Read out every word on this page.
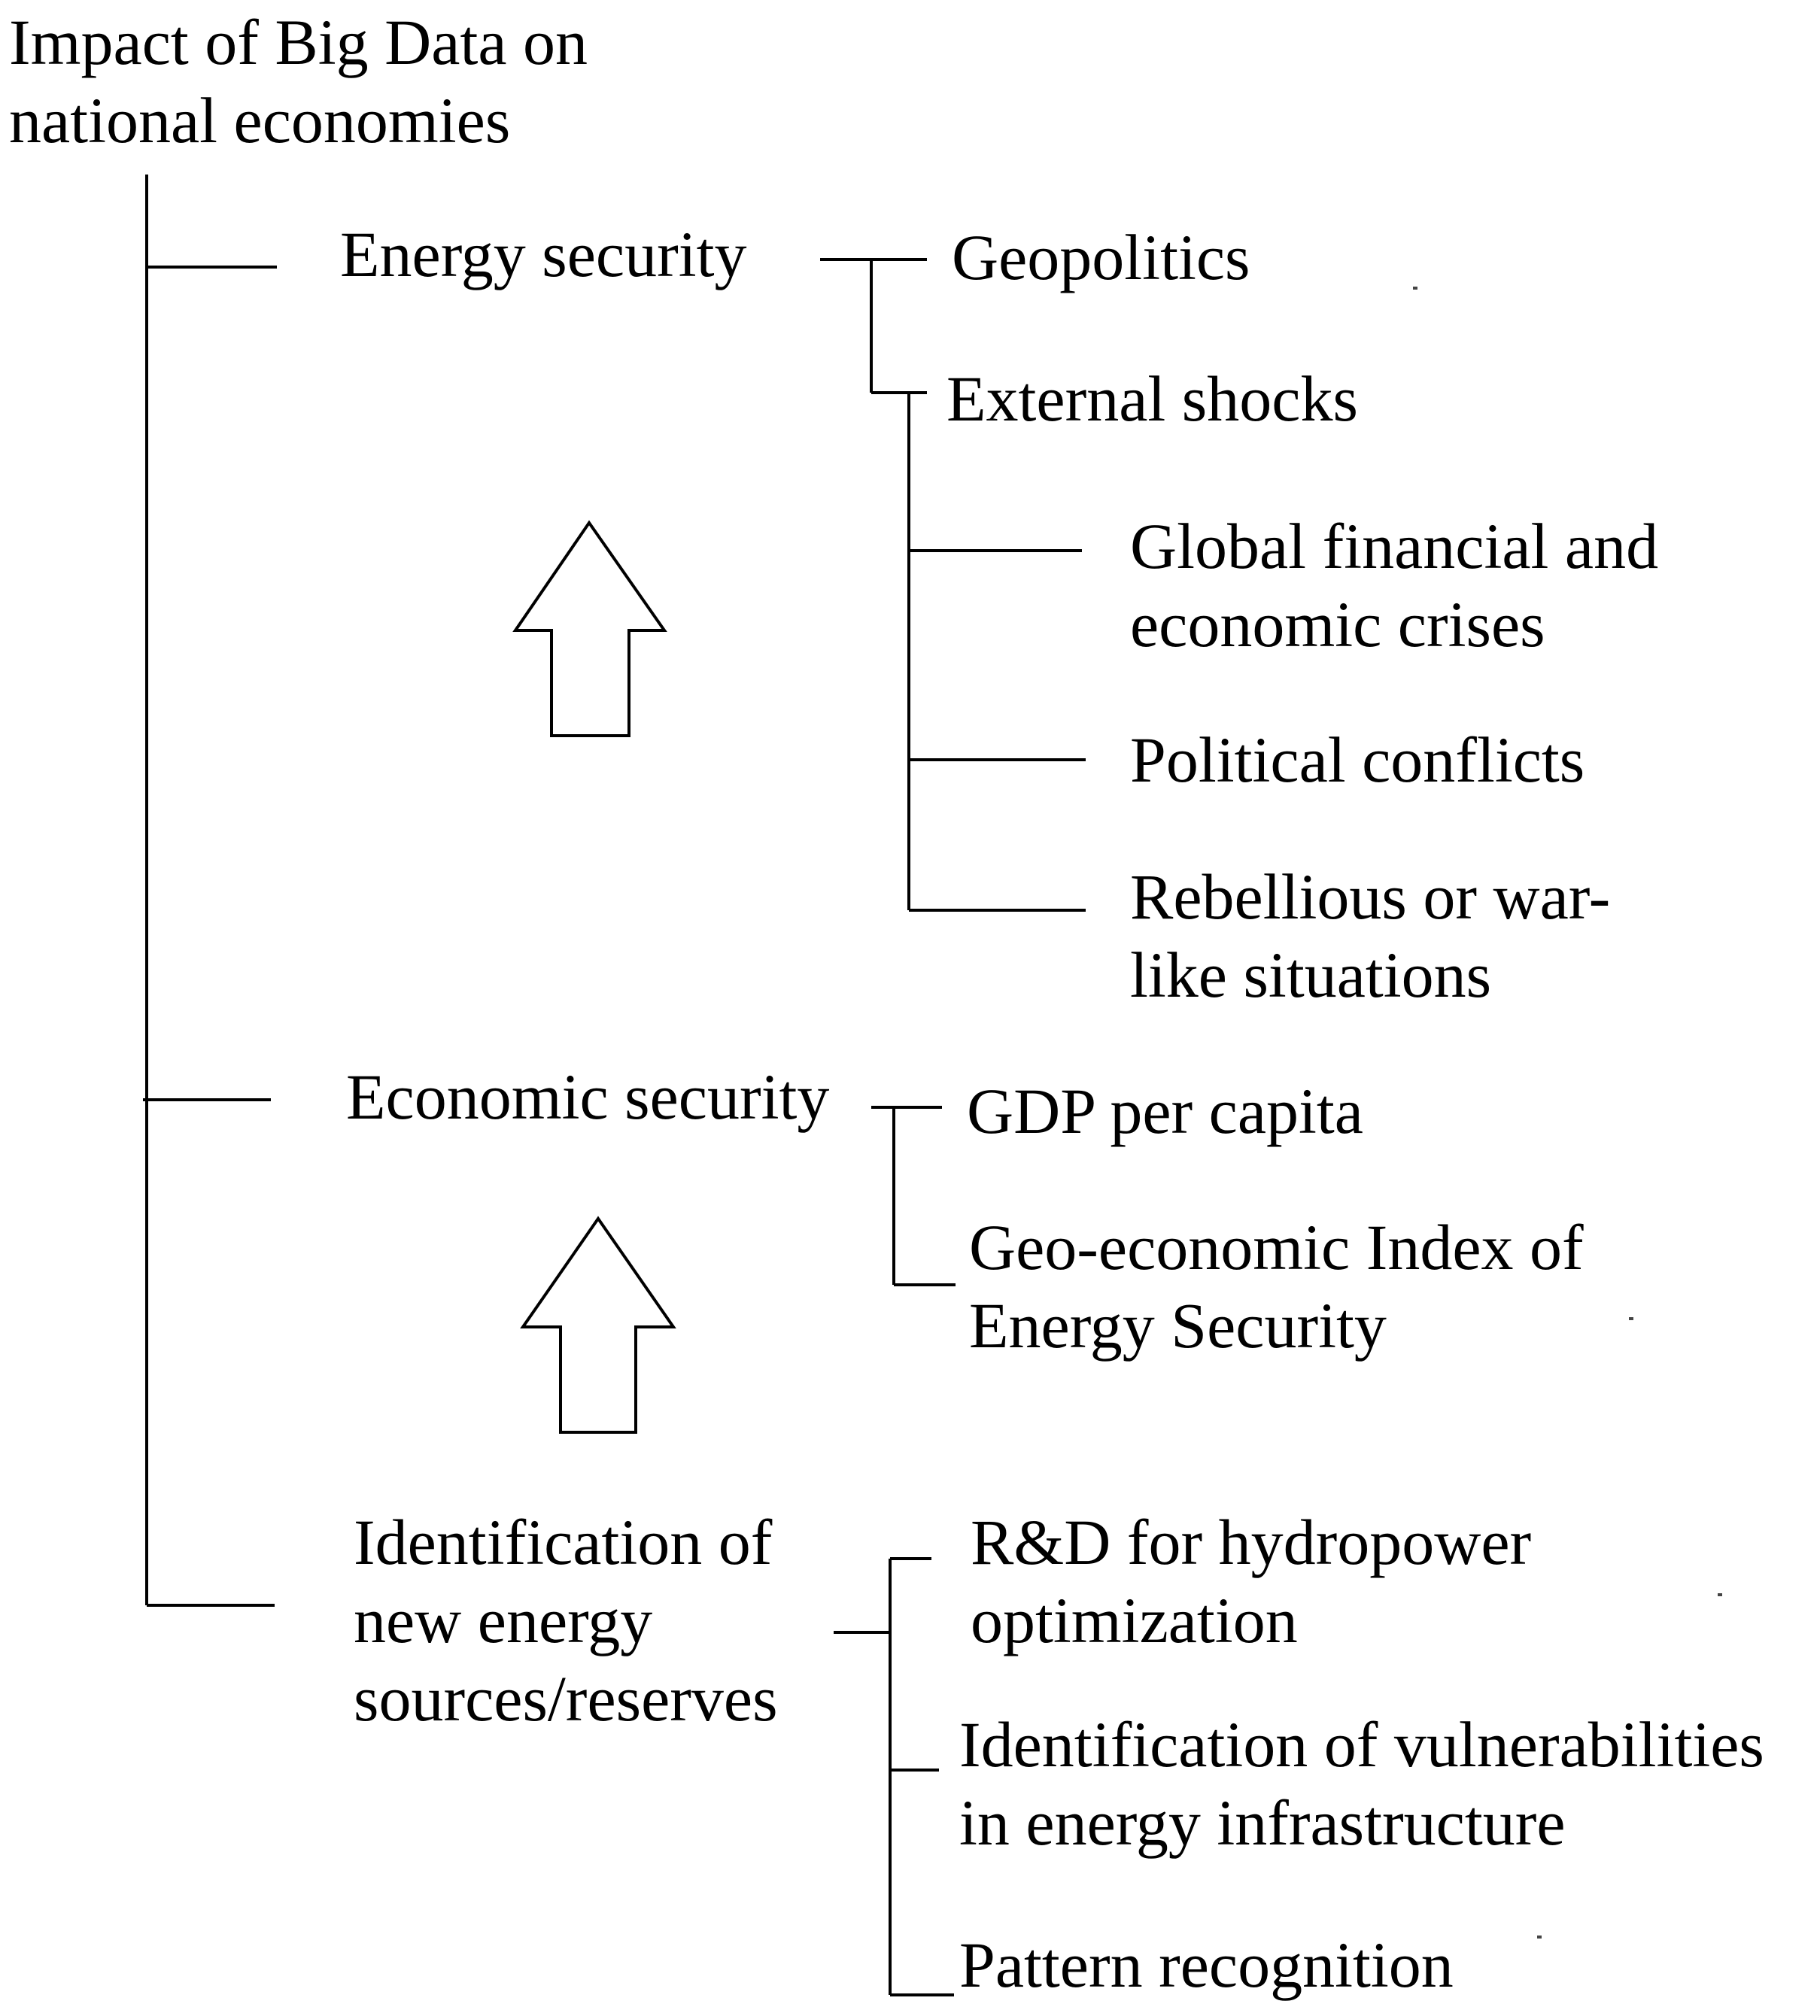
Impact of Big Data on
national economies
Energy security
Economic security
Identification of
new energy
sources/reserves
Geopolitics
External shocks
Global financial and
economic crises
Political conflicts
Rebellious or war-
like situations
GDP per capita
Geo-economic Index of
Energy Security
R&D for hydropower
optimization
Identification of vulnerabilities
in energy infrastructure
Pattern recognition
